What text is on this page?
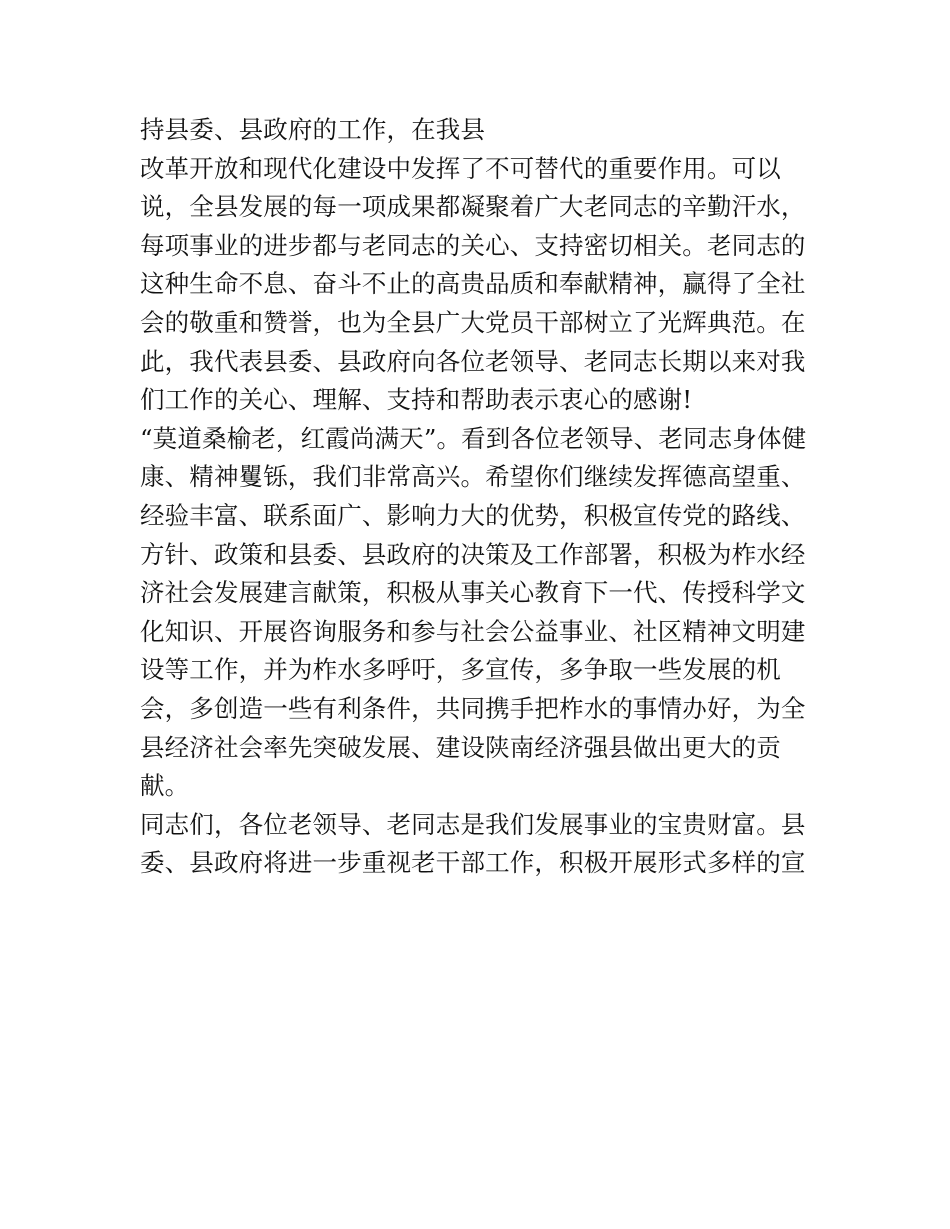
持县委、县政府的工作，在我县
改革开放和现代化建设中发挥了不可替代的重要作用。可以
说，全县发展的每一项成果都凝聚着广大老同志的辛勤汗水，
每项事业的进步都与老同志的关心、支持密切相关。老同志的
这种生命不息、奋斗不止的高贵品质和奉献精神，赢得了全社
会的敬重和赞誉，也为全县广大党员干部树立了光辉典范。在
此，我代表县委、县政府向各位老领导、老同志长期以来对我
们工作的关心、理解、支持和帮助表示衷心的感谢!
“莫道桑榆老，红霞尚满天”。看到各位老领导、老同志身体健
康、精神矍铄，我们非常高兴。希望你们继续发挥德高望重、
经验丰富、联系面广、影响力大的优势，积极宣传党的路线、
方针、政策和县委、县政府的决策及工作部署，积极为柞水经
济社会发展建言献策，积极从事关心教育下一代、传授科学文
化知识、开展咨询服务和参与社会公益事业、社区精神文明建
设等工作，并为柞水多呼吁，多宣传，多争取一些发展的机
会，多创造一些有利条件，共同携手把柞水的事情办好，为全
县经济社会率先突破发展、建设陕南经济强县做出更大的贡
献。
同志们，各位老领导、老同志是我们发展事业的宝贵财富。县
委、县政府将进一步重视老干部工作，积极开展形式多样的宣
